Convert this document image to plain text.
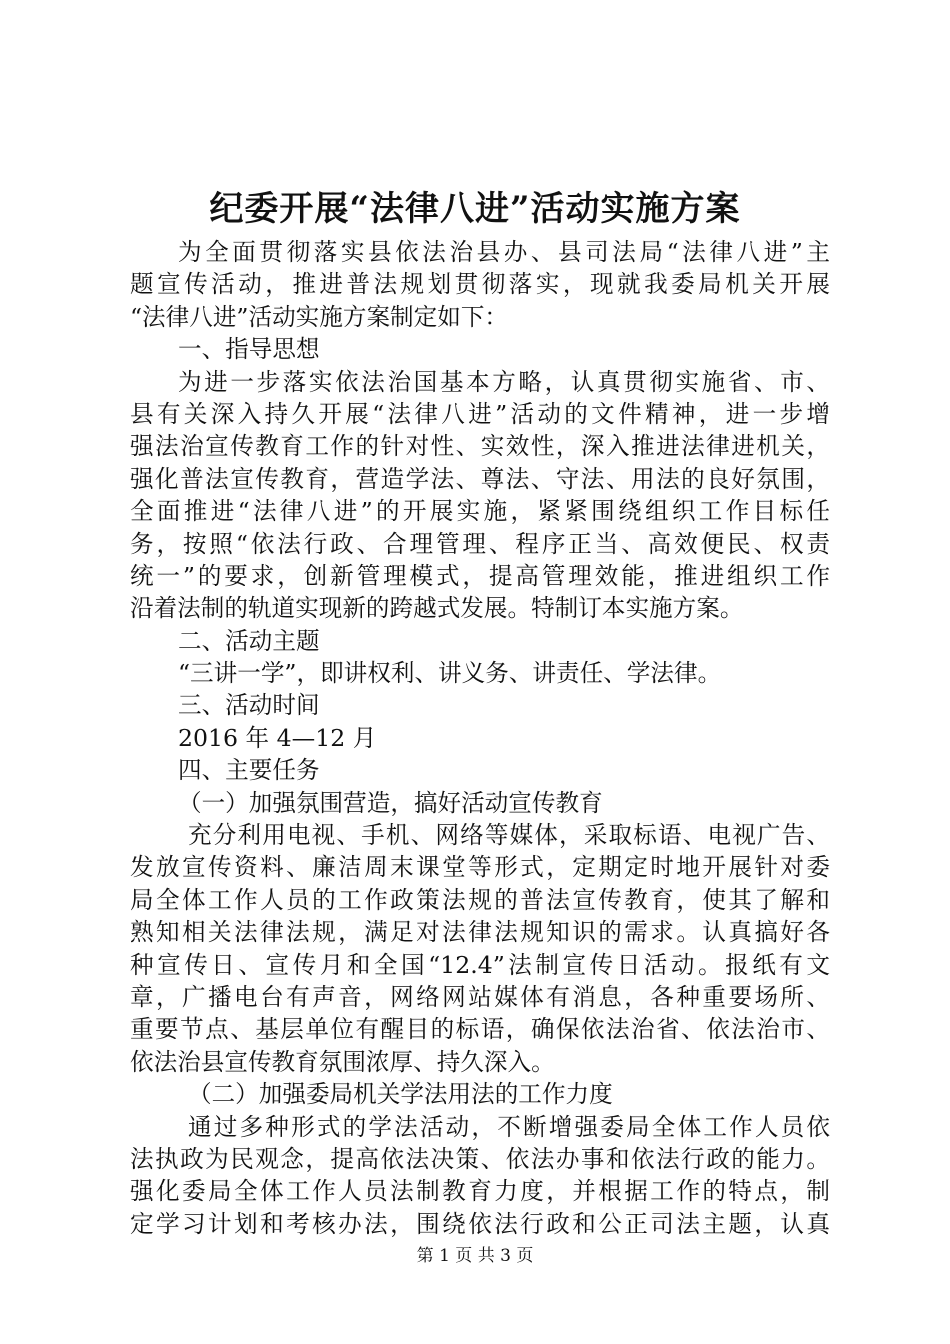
纪委开展“法律八进”活动实施方案
为全面贯彻落实县依法治县办、县司法局“法律八进”主
题宣传活动，推进普法规划贯彻落实，现就我委局机关开展
“法律八进”活动实施方案制定如下：
一、指导思想
为进一步落实依法治国基本方略，认真贯彻实施省、市、
县有关深入持久开展“法律八进”活动的文件精神，进一步增
强法治宣传教育工作的针对性、实效性，深入推进法律进机关，
强化普法宣传教育，营造学法、尊法、守法、用法的良好氛围，
全面推进“法律八进”的开展实施，紧紧围绕组织工作目标任
务，按照“依法行政、合理管理、程序正当、高效便民、权责
统一”的要求，创新管理模式，提高管理效能，推进组织工作
沿着法制的轨道实现新的跨越式发展。特制订本实施方案。
二、活动主题
“三讲一学”，即讲权利、讲义务、讲责任、学法律。
三、活动时间
2016 年 4—12 月
四、主要任务
（一）加强氛围营造，搞好活动宣传教育
充分利用电视、手机、网络等媒体，采取标语、电视广告、
发放宣传资料、廉洁周末课堂等形式，定期定时地开展针对委
局全体工作人员的工作政策法规的普法宣传教育，使其了解和
熟知相关法律法规，满足对法律法规知识的需求。认真搞好各
种宣传日、宣传月和全国“12.4”法制宣传日活动。报纸有文
章，广播电台有声音，网络网站媒体有消息，各种重要场所、
重要节点、基层单位有醒目的标语，确保依法治省、依法治市、
依法治县宣传教育氛围浓厚、持久深入。
（二）加强委局机关学法用法的工作力度
通过多种形式的学法活动，不断增强委局全体工作人员依
法执政为民观念，提高依法决策、依法办事和依法行政的能力。
强化委局全体工作人员法制教育力度，并根据工作的特点，制
定学习计划和考核办法，围绕依法行政和公正司法主题，认真
第 1 页 共 3 页
